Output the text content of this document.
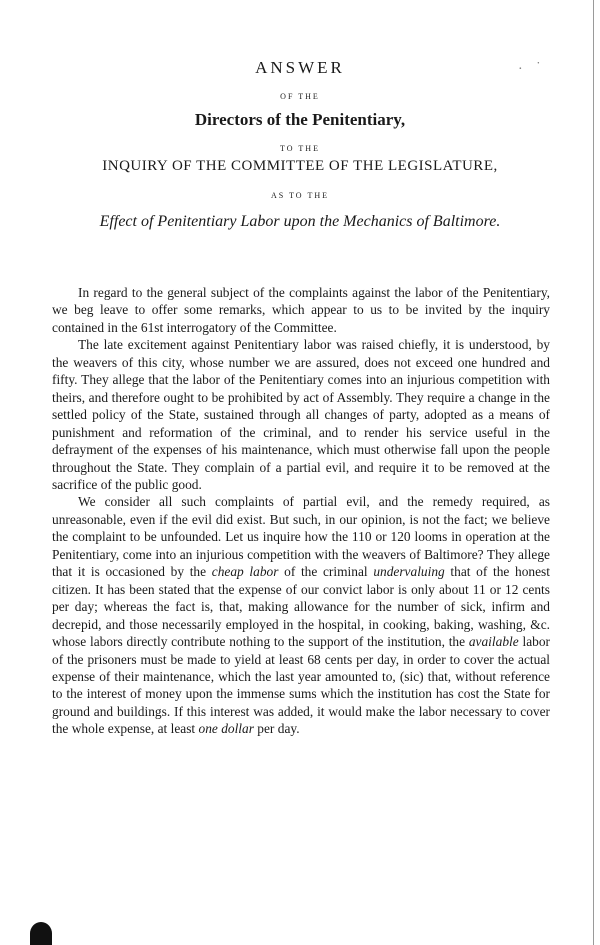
· ˙
ANSWER
OF THE
Directors of the Penitentiary,
TO THE
INQUIRY OF THE COMMITTEE OF THE LEGISLATURE,
AS TO THE
Effect of Penitentiary Labor upon the Mechanics of Baltimore.

In regard to the general subject of the complaints against the labor of the Penitentiary, we beg leave to offer some remarks, which appear to us to be invited by the inquiry contained in the 61st interrogatory of the Committee.

The late excitement against Penitentiary labor was raised chiefly, it is understood, by the weavers of this city, whose number we are assured, does not exceed one hundred and fifty. They allege that the labor of the Penitentiary comes into an injurious competition with theirs, and therefore ought to be prohibited by act of Assembly. They require a change in the settled policy of the State, sustained through all changes of party, adopted as a means of punishment and reformation of the criminal, and to render his service useful in the defrayment of the expenses of his maintenance, which must otherwise fall upon the people throughout the State. They complain of a partial evil, and require it to be removed at the sacrifice of the public good.

We consider all such complaints of partial evil, and the remedy required, as unreasonable, even if the evil did exist. But such, in our opinion, is not the fact; we believe the complaint to be unfounded. Let us inquire how the 110 or 120 looms in operation at the Penitentiary, come into an injurious competition with the weavers of Baltimore? They allege that it is occasioned by the cheap labor of the criminal undervaluing that of the honest citizen. It has been stated that the expense of our convict labor is only about 11 or 12 cents per day; whereas the fact is, that, making allowance for the number of sick, infirm and decrepid, and those necessarily employed in the hospital, in cooking, baking, washing, &c. whose labors directly contribute nothing to the support of the institution, the available labor of the prisoners must be made to yield at least 68 cents per day, in order to cover the actual expense of their maintenance, which the last year amounted to, (sic) that, without reference to the interest of money upon the immense sums which the institution has cost the State for ground and buildings. If this interest was added, it would make the labor necessary to cover the whole expense, at least one dollar per day.
